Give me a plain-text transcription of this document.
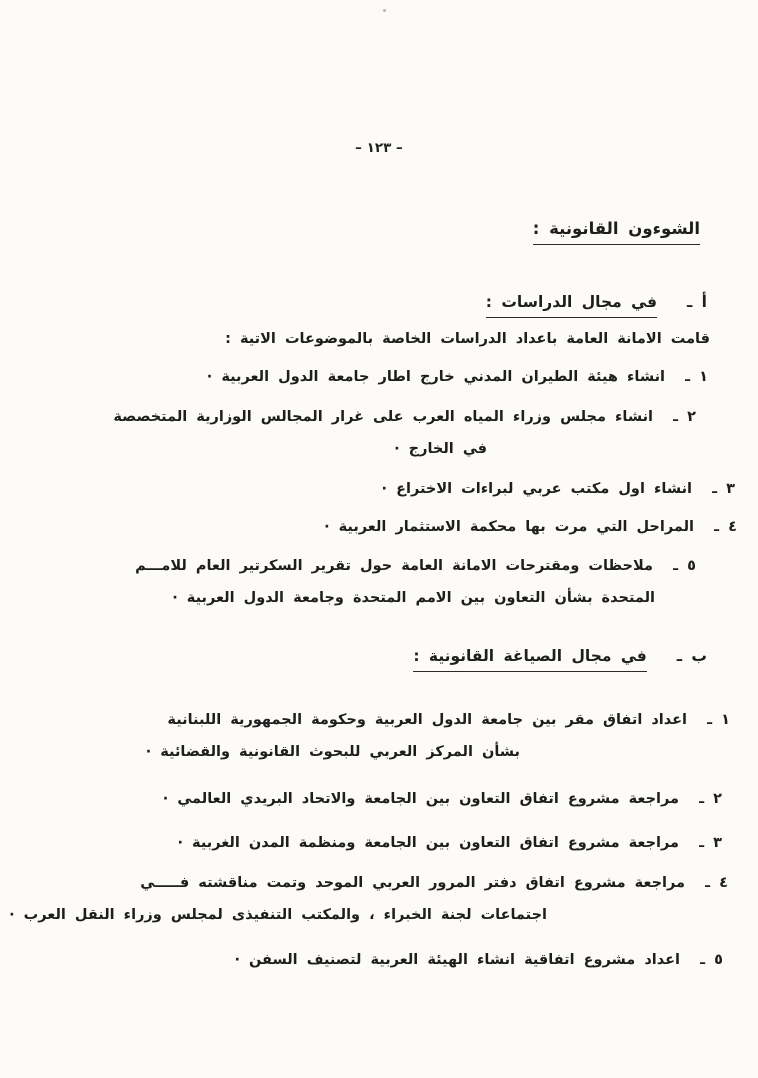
– ١٢٣ –
الشوءون القانونية :
أ ـ
في مجال الدراسات :
قامت الامانة العامة باعداد الدراسات الخاصة بالموضوعات الاتية :
١ ـ
انشاء هيئة الطيران المدني خارج اطار جامعة الدول العربية ·
٢ ـ
انشاء مجلس وزراء المياه العرب على غرار المجالس الوزارية المتخصصة
في الخارج ·
٣ ـ
انشاء اول مكتب عربي لبراءات الاختراع ·
٤ ـ
المراحل التي مرت بها محكمة الاستثمار العربية ·
٥ ـ
ملاحظات ومقترحات الامانة العامة حول تقرير السكرتير العام للامـــم
المتحدة بشأن التعاون بين الامم المتحدة وجامعة الدول العربية ·
ب ـ
في مجال الصياغة القانونية :
١ ـ
اعداد اتفاق مقر بين جامعة الدول العربية وحكومة الجمهورية اللبنانية
بشأن المركز العربي للبحوث القانونية والقضائية ·
٢ ـ
مراجعة مشروع اتفاق التعاون بين الجامعة والاتحاد البريدي العالمي ·
٣ ـ
مراجعة مشروع اتفاق التعاون بين الجامعة ومنظمة المدن الغربية ·
٤ ـ
مراجعة مشروع اتفاق دفتر المرور العربي الموحد وتمت مناقشته فـــــي
اجتماعات لجنة الخبراء ، والمكتب التنفيذى لمجلس وزراء النقل العرب ·
٥ ـ
اعداد مشروع اتفاقية انشاء الهيئة العربية لتصنيف السفن ·
